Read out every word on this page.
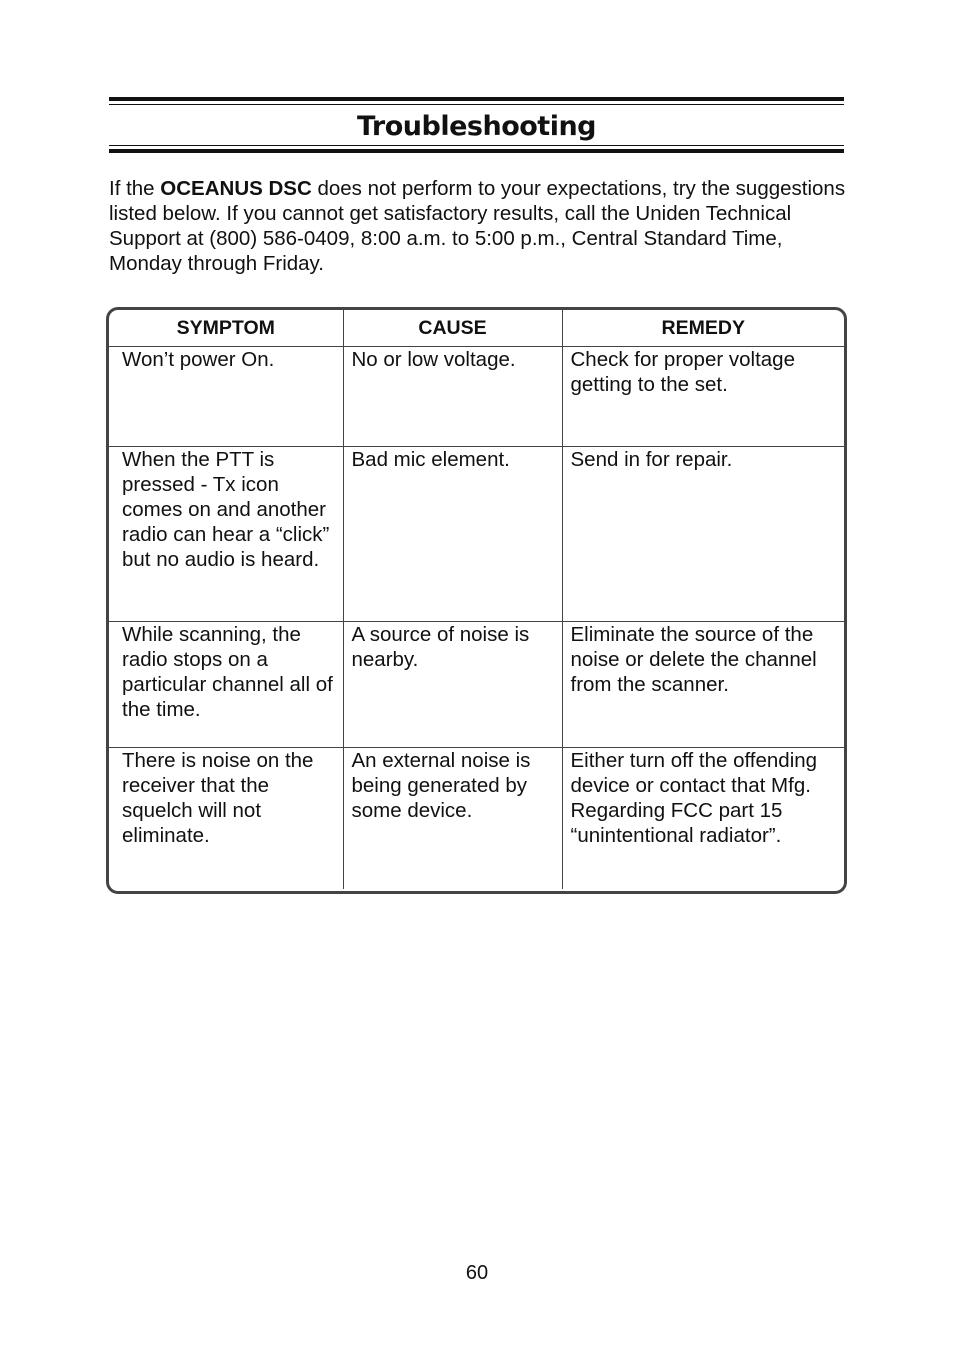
Troubleshooting
If the OCEANUS DSC does not perform to your expectations, try the suggestions listed below. If you cannot get satisfactory results, call the Uniden Technical Support at (800) 586-0409, 8:00 a.m. to 5:00 p.m., Central Standard Time, Monday through Friday.
SYMPTOM	CAUSE	REMEDY
Won’t power On.	No or low voltage.	Check for proper voltage getting to the set.
When the PTT is pressed - Tx icon comes on and another radio can hear a “click” but no audio is heard.	Bad mic element.	Send in for repair.
While scanning, the radio stops on a particular channel all of the time.	A source of noise is nearby.	Eliminate the source of the noise or delete the channel from the scanner.
There is noise on the receiver that the squelch will not eliminate.	An external noise is being generated by some device.	Either turn off the offending device or contact that Mfg. Regarding FCC part 15 “unintentional radiator”.
60
